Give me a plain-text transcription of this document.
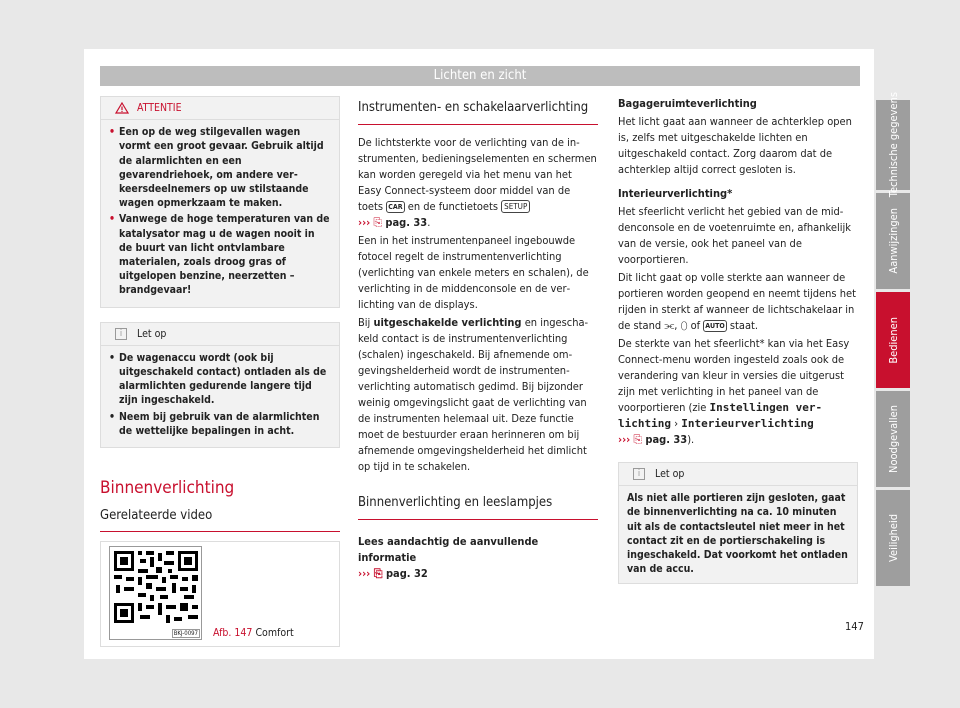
Lichten en zicht
ATTENTIE
• Een op de weg stilgevallen wagen vormt een groot gevaar. Gebruik altijd de alarmlichten en een gevarendriehoek, om andere verkeersdeelnemers op uw stilstaande wagen opmerkzaam te maken.
• Vanwege de hoge temperaturen van de katalysator mag u de wagen nooit in de buurt van licht ontvlambare materialen, zoals droog gras of uitgelopen benzine, neerzetten – brandgevaar!
i	Let op
• De wagenaccu wordt (ook bij uitgeschakeld contact) ontladen als de alarmlichten gedurende langere tijd zijn ingeschakeld.
• Neem bij gebruik van de alarmlichten de wettelijke bepalingen in acht.
Binnenverlichting
Gerelateerde video
BKJ-0097 Afb. 147 Comfort
Instrumenten- en schakelaarverlichting

De lichtsterkte voor de verlichting van de instrumenten, bedieningselementen en schermen kan worden geregeld via het menu van het Easy Connect-systeem door middel van de toets CAR en de functietoets SETUP
››› ⎘ pag. 33.

Een in het instrumentenpaneel ingebouwde fotocel regelt de instrumentenverlichting (verlichting van enkele meters en schalen), de verlichting in de middenconsole en de verlichting van de displays.

Bij uitgeschakelde verlichting en ingeschakeld contact is de instrumentenverlichting (schalen) ingeschakeld. Bij afnemende omgevingshelderheid wordt de instrumentenverlichting automatisch gedimd. Bij bijzonder weinig omgevingslicht gaat de verlichting van de instrumenten helemaal uit. Deze functie moet de bestuurder eraan herinneren om bij afnemende omgevingshelderheid het dimlicht op tijd in te schakelen.

Binnenverlichting en leeslampjes

Lees aandachtig de aanvullende informatie
››› ⎘ pag. 32

Bagageruimteverlichting

Het licht gaat aan wanneer de achterklep open is, zelfs met uitgeschakelde lichten en uitgeschakeld contact. Zorg daarom dat de achterklep altijd correct gesloten is.

Interieurverlichting*

Het sfeerlicht verlicht het gebied van de middenconsole en de voetenruimte en, afhankelijk van de versie, ook het paneel van de voorportieren.

Dit licht gaat op volle sterkte aan wanneer de portieren worden geopend en neemt tijdens het rijden in sterkt af wanneer de lichtschakelaar in de stand ⫘, ⬯ of AUTO staat.

De sterkte van het sfeerlicht* kan via het Easy Connect-menu worden ingesteld zoals ook de verandering van kleur in versies die uitgerust zijn met verlichting in het paneel van de voorportieren (zie Instellingen verlichting › Interieurverlichting
››› ⎘ pag. 33).

i	Let op
Als niet alle portieren zijn gesloten, gaat de binnenverlichting na ca. 10 minuten uit als de contactsleutel niet meer in het contact zit en de portierschakeling is ingeschakeld. Dat voorkomt het ontladen van de accu.
Technische gegevens
Aanwijzingen
Bedienen
Noodgevallen
Veiligheid
147
